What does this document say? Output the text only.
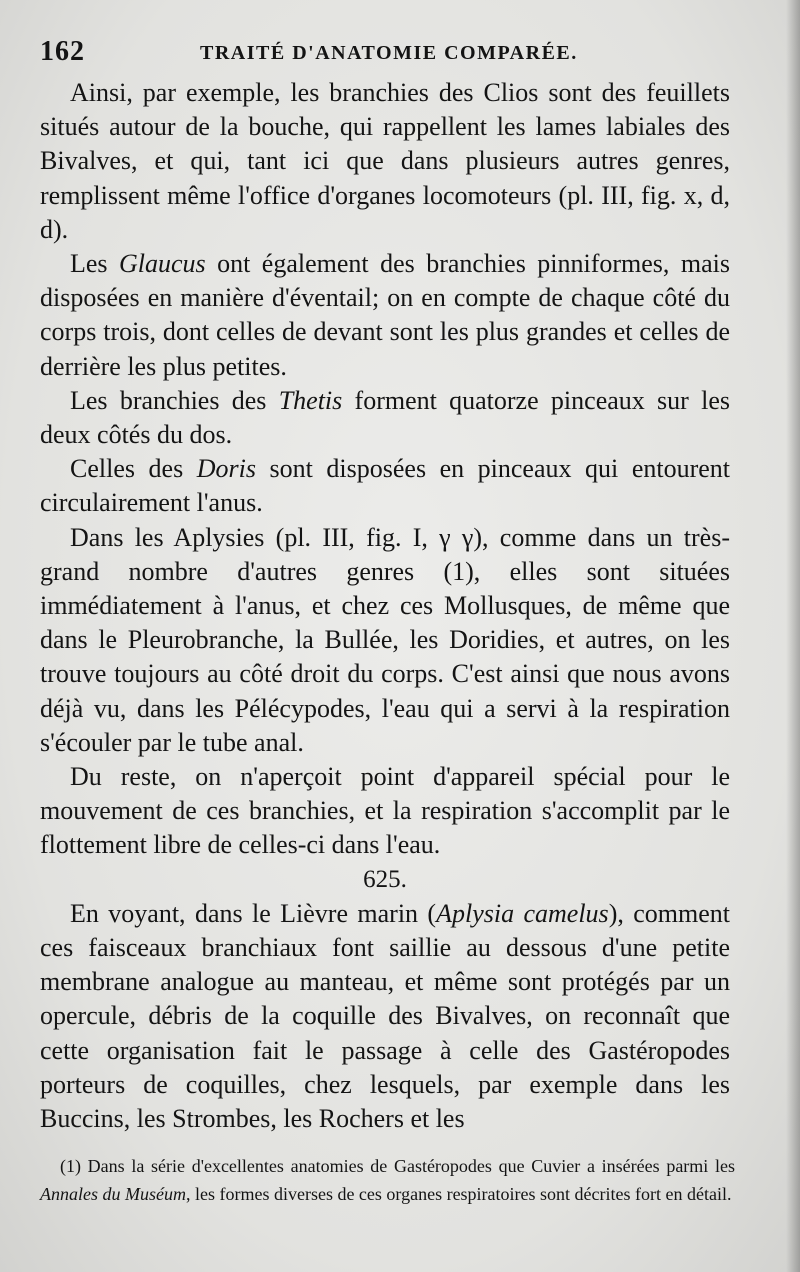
162	TRAITÉ D'ANATOMIE COMPARÉE.

Ainsi, par exemple, les branchies des Clios sont des feuillets situés autour de la bouche, qui rappellent les lames labiales des Bivalves, et qui, tant ici que dans plusieurs autres genres, remplissent même l'office d'organes locomoteurs (pl. III, fig. x, d, d).

Les Glaucus ont également des branchies pinniformes, mais disposées en manière d'éventail; on en compte de chaque côté du corps trois, dont celles de devant sont les plus grandes et celles de derrière les plus petites.

Les branchies des Thetis forment quatorze pinceaux sur les deux côtés du dos.

Celles des Doris sont disposées en pinceaux qui entourent circulairement l'anus.

Dans les Aplysies (pl. III, fig. I, γ γ), comme dans un très-grand nombre d'autres genres (1), elles sont situées immédiatement à l'anus, et chez ces Mollusques, de même que dans le Pleurobranche, la Bullée, les Doridies, et autres, on les trouve toujours au côté droit du corps. C'est ainsi que nous avons déjà vu, dans les Pélécypodes, l'eau qui a servi à la respiration s'écouler par le tube anal.

Du reste, on n'aperçoit point d'appareil spécial pour le mouvement de ces branchies, et la respiration s'accomplit par le flottement libre de celles-ci dans l'eau.

625.

En voyant, dans le Lièvre marin (Aplysia camelus), comment ces faisceaux branchiaux font saillie au dessous d'une petite membrane analogue au manteau, et même sont protégés par un opercule, débris de la coquille des Bivalves, on reconnaît que cette organisation fait le passage à celle des Gastéropodes porteurs de coquilles, chez lesquels, par exemple dans les Buccins, les Strombes, les Rochers et les

(1) Dans la série d'excellentes anatomies de Gastéropodes que Cuvier a insérées parmi les Annales du Muséum, les formes diverses de ces organes respiratoires sont décrites fort en détail.
